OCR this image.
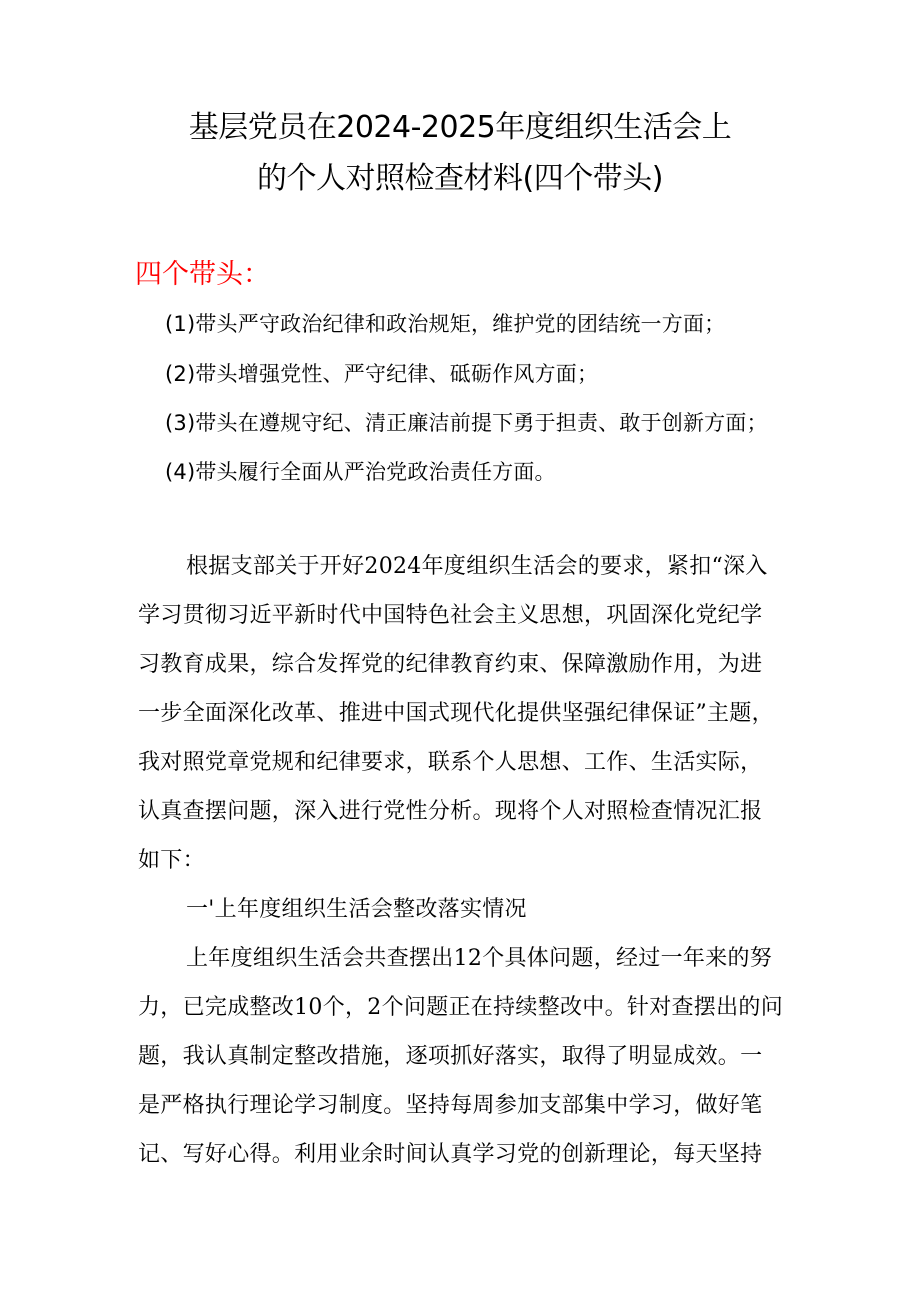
基层党员在2024-2025年度组织生活会上
的个人对照检查材料(四个带头)
四个带头：
(1)带头严守政治纪律和政治规矩，维护党的团结统一方面；
(2)带头增强党性、严守纪律、砥砺作风方面；
(3)带头在遵规守纪、清正廉洁前提下勇于担责、敢于创新方面；
(4)带头履行全面从严治党政治责任方面。
根据支部关于开好2024年度组织生活会的要求，紧扣“深入
学习贯彻习近平新时代中国特色社会主义思想，巩固深化党纪学
习教育成果，综合发挥党的纪律教育约束、保障激励作用，为进
一步全面深化改革、推进中国式现代化提供坚强纪律保证”主题，
我对照党章党规和纪律要求，联系个人思想、工作、生活实际，
认真查摆问题，深入进行党性分析。现将个人对照检查情况汇报
如下：
一'上年度组织生活会整改落实情况
上年度组织生活会共查摆出12个具体问题，经过一年来的努
力，已完成整改10个，2个问题正在持续整改中。针对查摆出的问
题，我认真制定整改措施，逐项抓好落实，取得了明显成效。一
是严格执行理论学习制度。坚持每周参加支部集中学习，做好笔
记、写好心得。利用业余时间认真学习党的创新理论，每天坚持
